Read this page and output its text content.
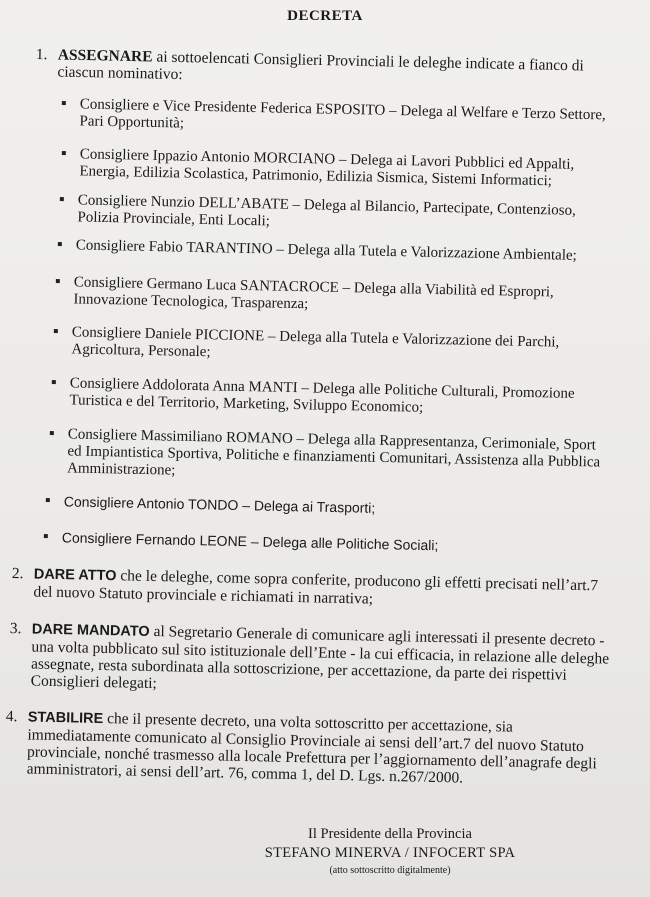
DECRETA
1. ASSEGNARE ai sottoelencati Consiglieri Provinciali le deleghe indicate a fianco di ciascun nominativo:
Consigliere e Vice Presidente Federica ESPOSITO – Delega al Welfare e Terzo Settore, Pari Opportunità;
Consigliere Ippazio Antonio MORCIANO – Delega ai Lavori Pubblici ed Appalti, Energia, Edilizia Scolastica, Patrimonio, Edilizia Sismica, Sistemi Informatici;
Consigliere Nunzio DELL’ABATE – Delega al Bilancio, Partecipate, Contenzioso, Polizia Provinciale, Enti Locali;
Consigliere Fabio TARANTINO – Delega alla Tutela e Valorizzazione Ambientale;
Consigliere Germano Luca SANTACROCE – Delega alla Viabilità ed Espropri, Innovazione Tecnologica, Trasparenza;
Consigliere Daniele PICCIONE – Delega alla Tutela e Valorizzazione dei Parchi, Agricoltura, Personale;
Consigliere Addolorata Anna MANTI – Delega alle Politiche Culturali, Promozione Turistica e del Territorio, Marketing, Sviluppo Economico;
Consigliere Massimiliano ROMANO – Delega alla Rappresentanza, Cerimoniale, Sport ed Impiantistica Sportiva, Politiche e finanziamenti Comunitari, Assistenza alla Pubblica Amministrazione;
Consigliere Antonio TONDO – Delega ai Trasporti;
Consigliere Fernando LEONE – Delega alle Politiche Sociali;
2. DARE ATTO che le deleghe, come sopra conferite, producono gli effetti precisati nell’art.7 del nuovo Statuto provinciale e richiamati in narrativa;
3. DARE MANDATO al Segretario Generale di comunicare agli interessati il presente decreto - una volta pubblicato sul sito istituzionale dell’Ente - la cui efficacia, in relazione alle deleghe assegnate, resta subordinata alla sottoscrizione, per accettazione, da parte dei rispettivi Consiglieri delegati;
4. STABILIRE che il presente decreto, una volta sottoscritto per accettazione, sia immediatamente comunicato al Consiglio Provinciale ai sensi dell’art.7 del nuovo Statuto provinciale, nonché trasmesso alla locale Prefettura per l’aggiornamento dell’anagrafe degli amministratori, ai sensi dell’art. 76, comma 1, del D. Lgs. n.267/2000.
Il Presidente della Provincia
STEFANO MINERVA / INFOCERT SPA
(atto sottoscritto digitalmente)
